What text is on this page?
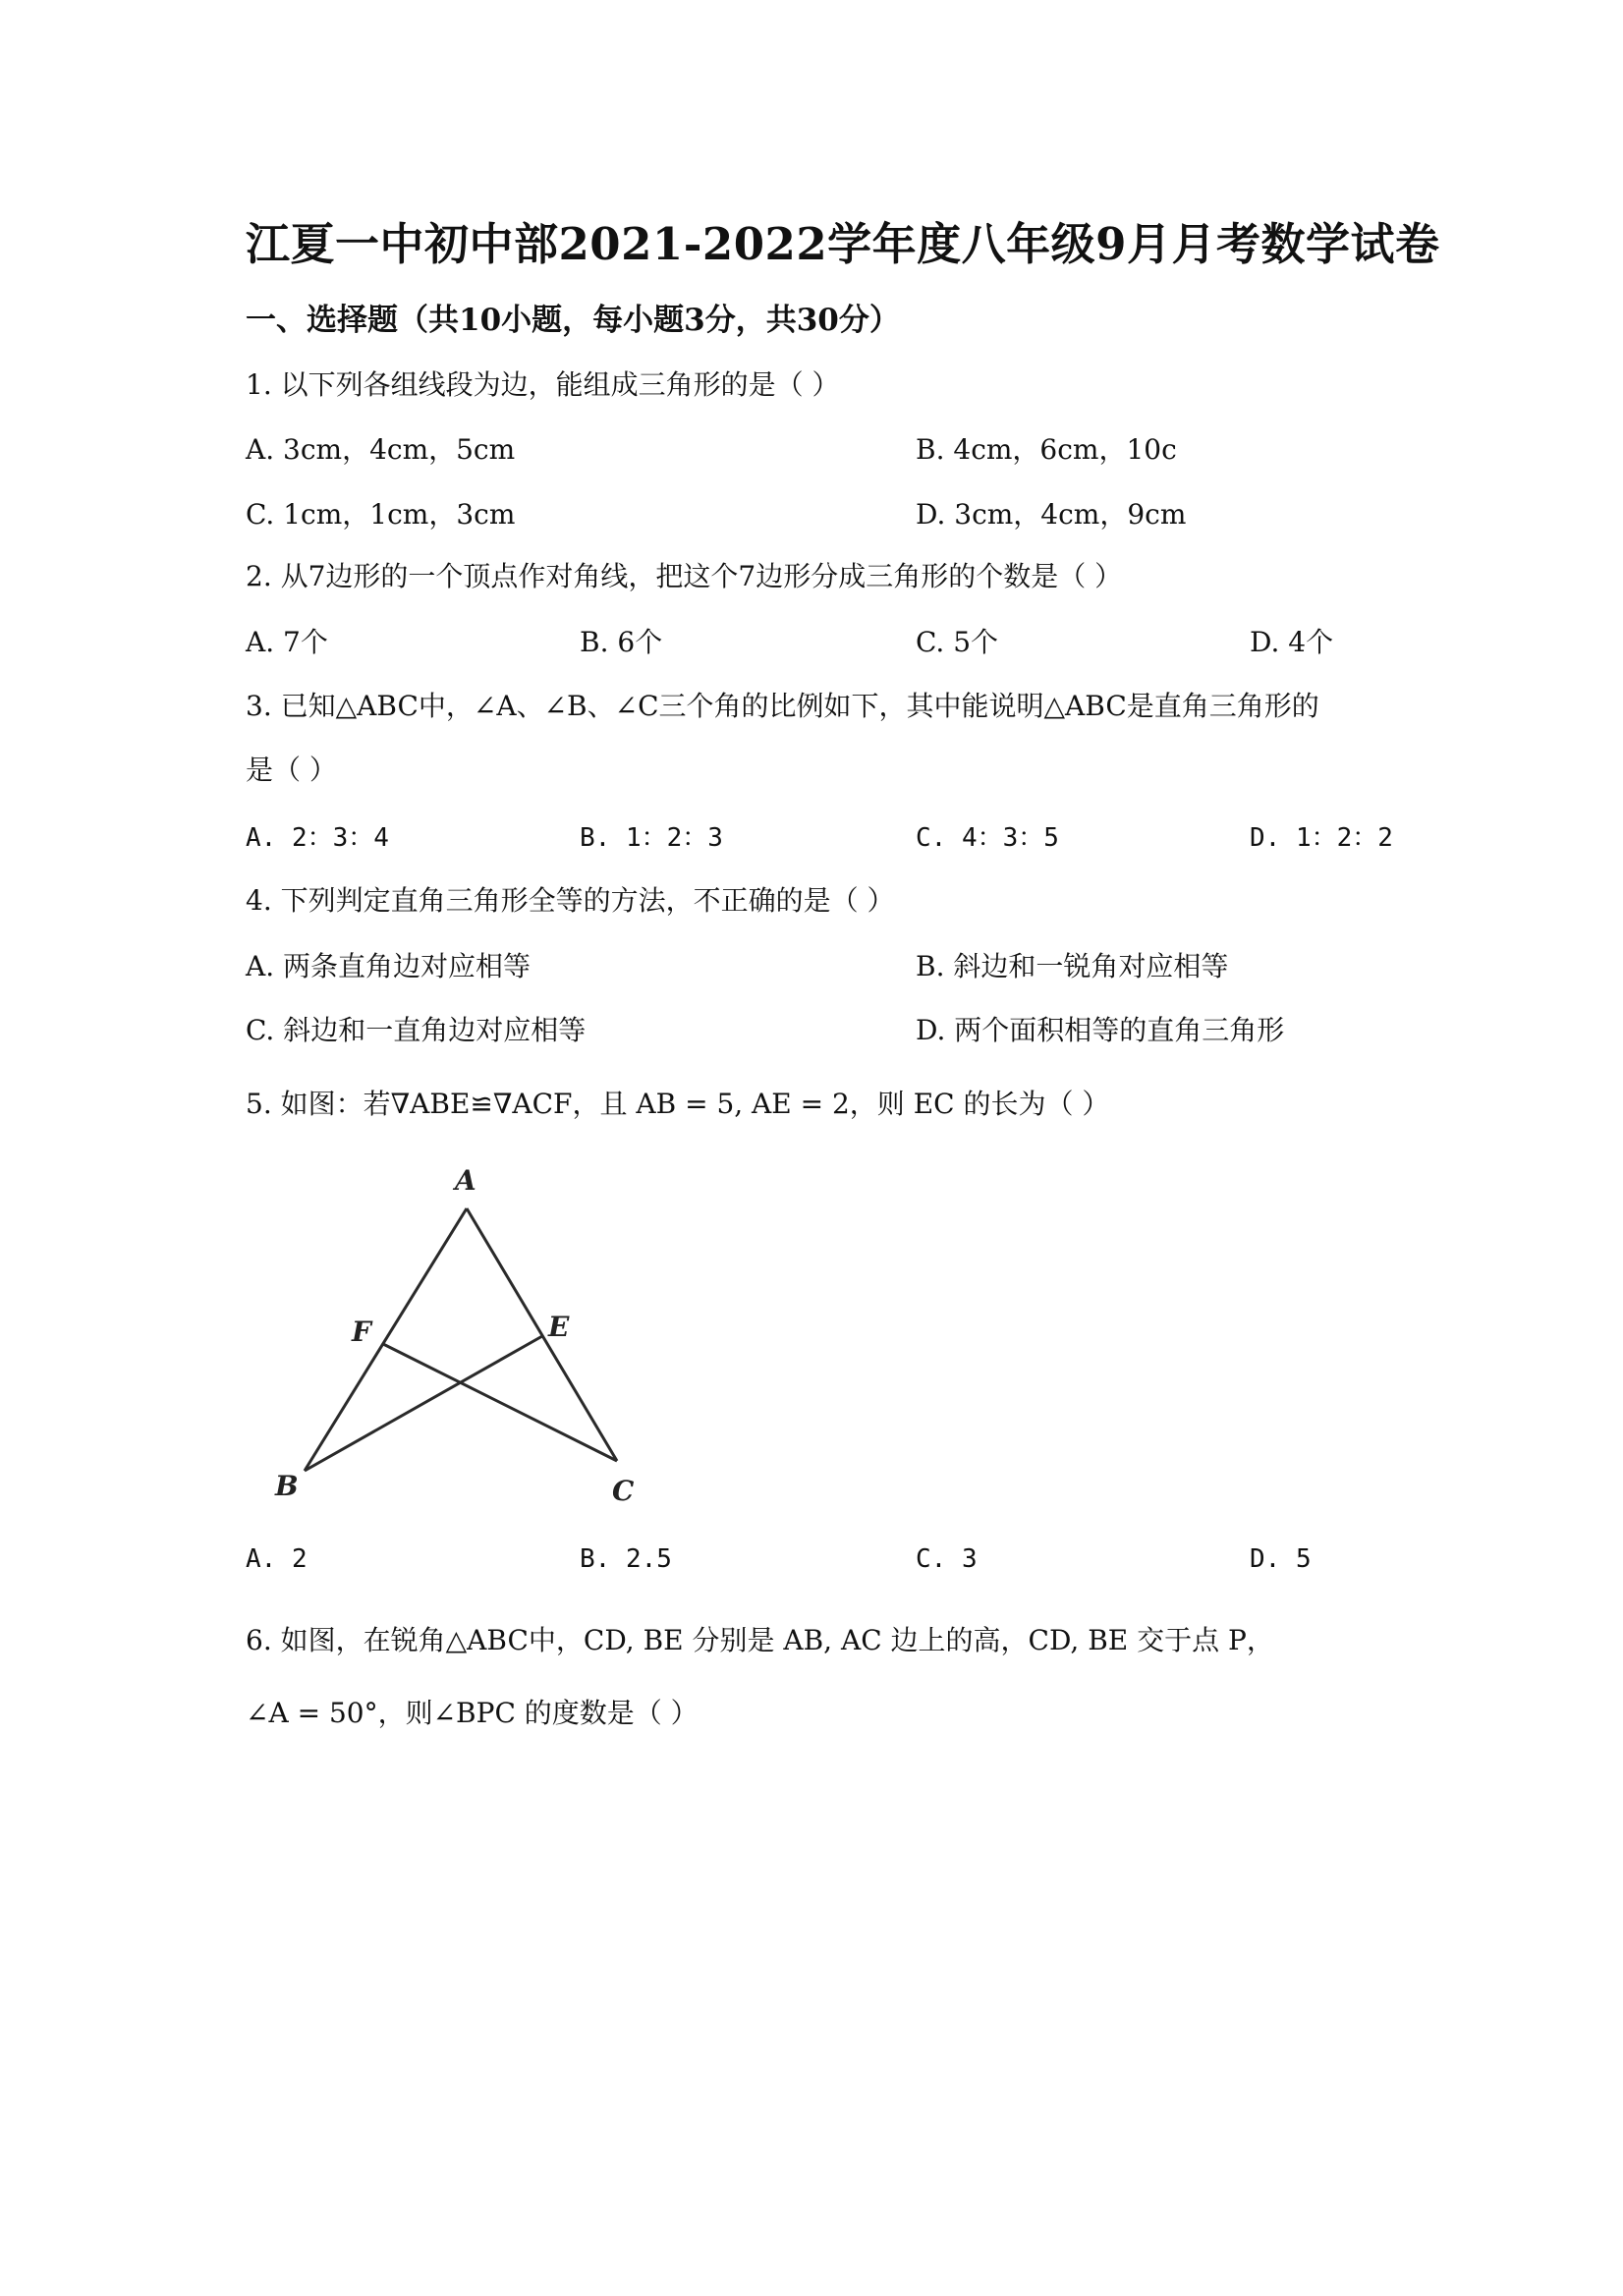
江夏一中初中部2021-2022学年度八年级9月月考数学试卷
一、选择题（共10小题，每小题3分，共30分）
1. 以下列各组线段为边，能组成三角形的是（ ）
A. 3cm，4cm，5cm	B. 4cm，6cm，10c
C. 1cm，1cm，3cm	D. 3cm，4cm，9cm
2. 从7边形的一个顶点作对角线，把这个7边形分成三角形的个数是（ ）
A. 7个	B. 6个	C. 5个	D. 4个
3. 已知△ABC中，∠A、∠B、∠C三个角的比例如下，其中能说明△ABC是直角三角形的
是（ ）
A. 2：3：4	B. 1：2：3	C. 4：3：5	D. 1：2：2
4. 下列判定直角三角形全等的方法，不正确的是（ ）
A. 两条直角边对应相等	B. 斜边和一锐角对应相等
C. 斜边和一直角边对应相等	D. 两个面积相等的直角三角形
5. 如图：若∇ABE≌∇ACF，且 AB = 5, AE = 2，则 EC 的长为（ ）
A
B	C
E
F
A. 2	B. 2.5	C. 3	D. 5
6. 如图，在锐角△ABC中，CD, BE 分别是 AB, AC 边上的高，CD, BE 交于点 P，
∠A = 50°，则∠BPC 的度数是（ ）
